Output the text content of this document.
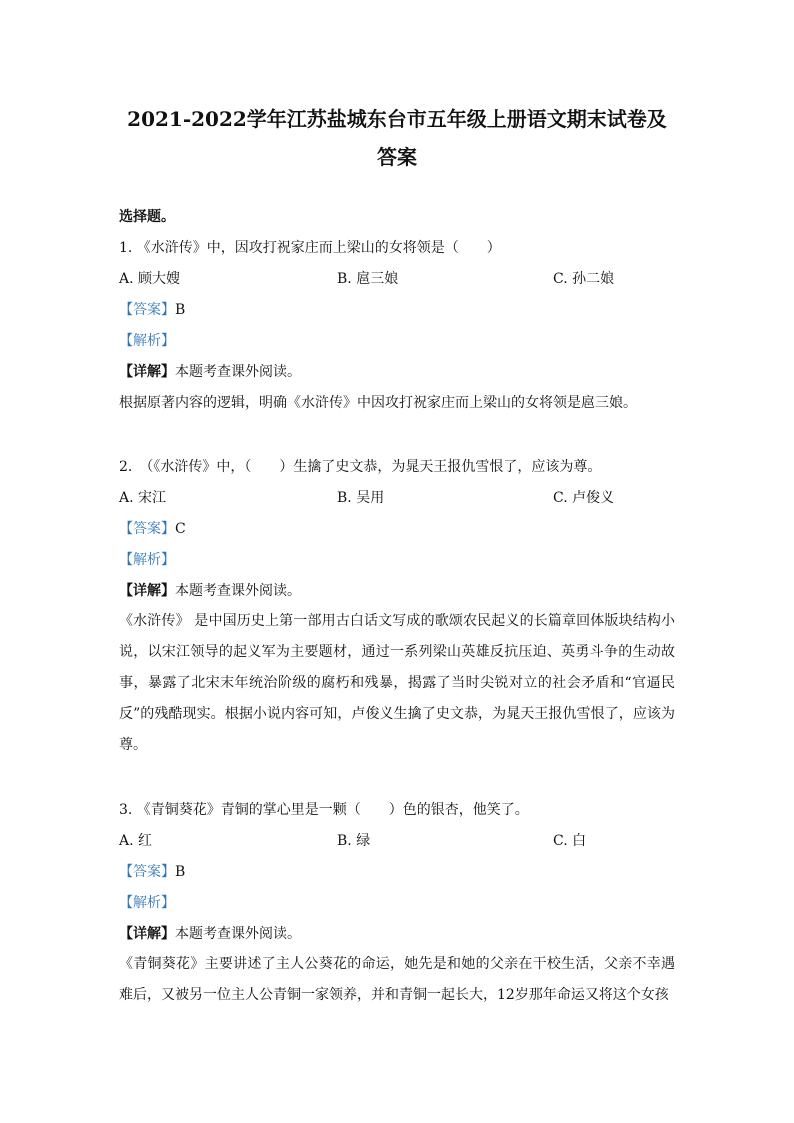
2021-2022学年江苏盐城东台市五年级上册语文期末试卷及
答案
选择题。
1. 《水浒传》中，因攻打祝家庄而上梁山的女将领是（　　）
A. 顾大嫂	B. 扈三娘	C. 孙二娘
【答案】B
【解析】
【详解】本题考查课外阅读。
根据原著内容的逻辑，明确《水浒传》中因攻打祝家庄而上梁山的女将领是扈三娘。
2.　（《水浒传》中，（　　）生擒了史文恭，为晁天王报仇雪恨了，应该为尊。
A. 宋江	B. 吴用	C. 卢俊义
【答案】C
【解析】
【详解】本题考查课外阅读。
《水浒传》 是中国历史上第一部用古白话文写成的歌颂农民起义的长篇章回体版块结构小说，以宋江领导的起义军为主要题材，通过一系列梁山英雄反抗压迫、英勇斗争的生动故事，暴露了北宋末年统治阶级的腐朽和残暴，揭露了当时尖锐对立的社会矛盾和“官逼民反”的残酷现实。根据小说内容可知，卢俊义生擒了史文恭，为晁天王报仇雪恨了，应该为尊。
3. 《青铜葵花》青铜的掌心里是一颗（　　）色的银杏，他笑了。
A. 红	B. 绿	C. 白
【答案】B
【解析】
【详解】本题考查课外阅读。
《青铜葵花》主要讲述了主人公葵花的命运，她先是和她的父亲在干校生活，父亲不幸遇难后，又被另一位主人公青铜一家领养，并和青铜一起长大，12岁那年命运又将这个女孩
